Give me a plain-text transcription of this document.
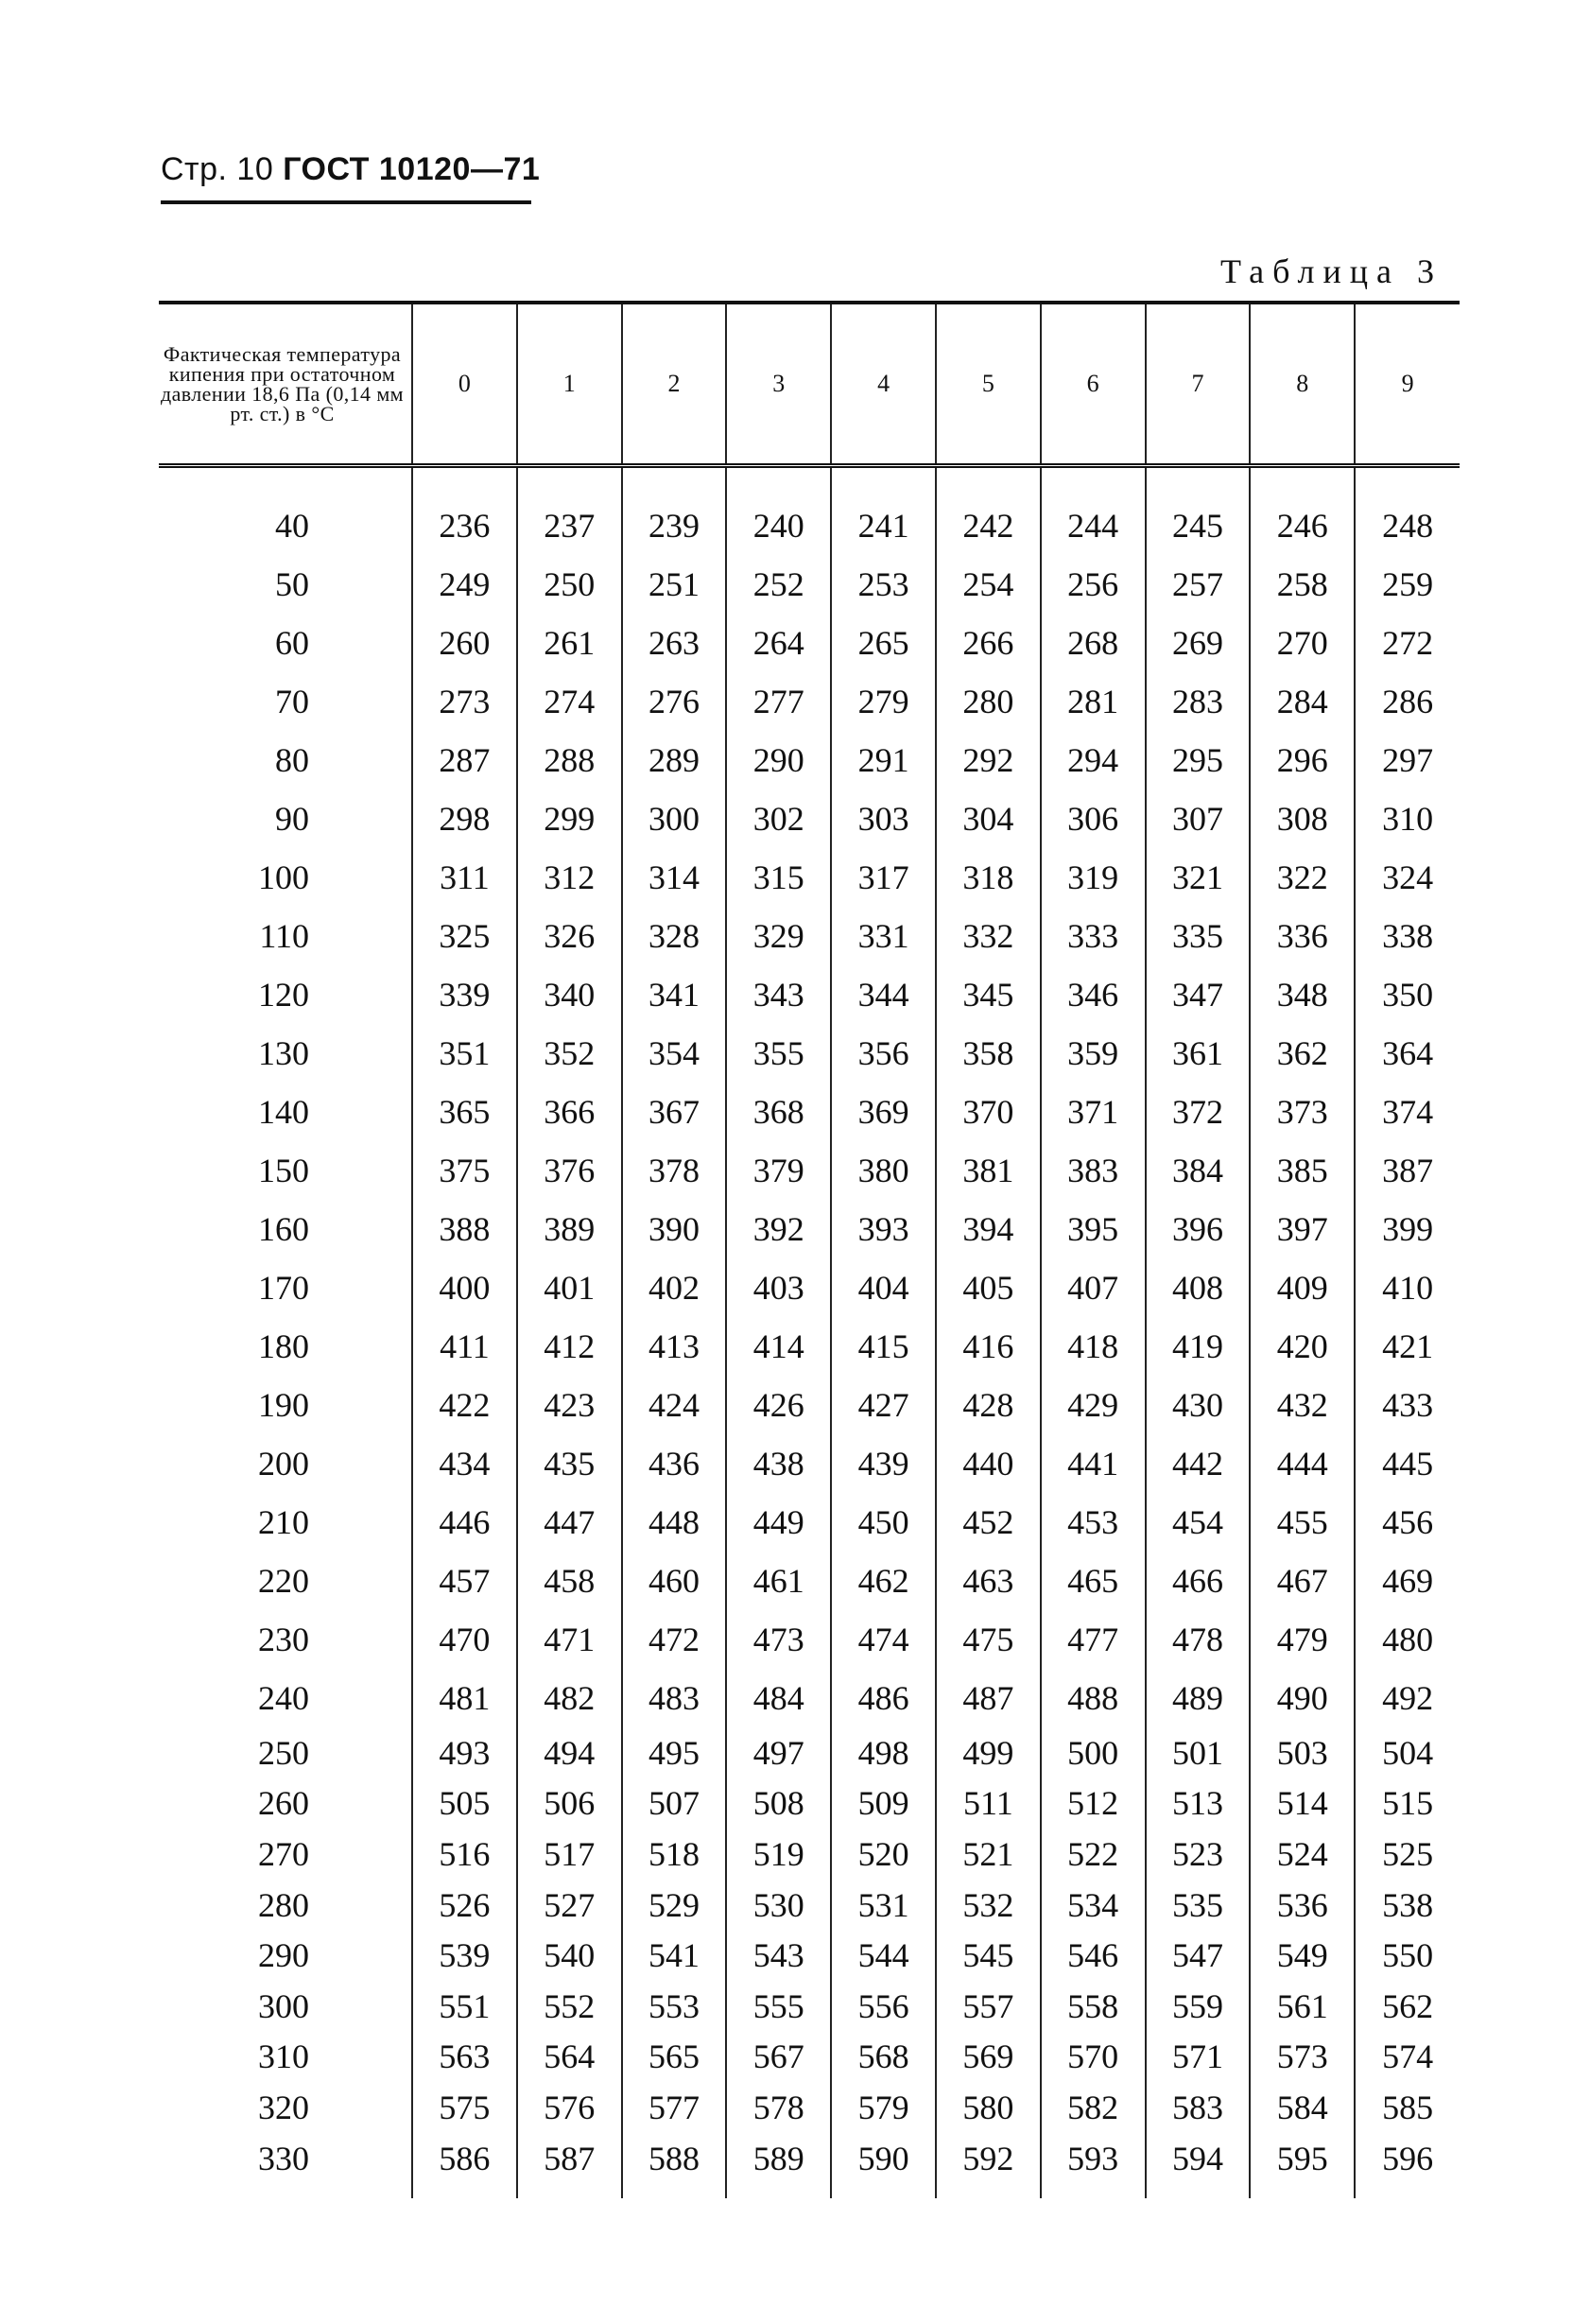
Стр. 10 ГОСТ 10120—71
Таблица 3
Фактическая температура кипения при остаточном давлении 18,6 Па (0,14 мм рт. ст.) в °С	0	1	2	3	4	5	6	7	8	9
40	236	237	239	240	241	242	244	245	246	248
50	249	250	251	252	253	254	256	257	258	259
60	260	261	263	264	265	266	268	269	270	272
70	273	274	276	277	279	280	281	283	284	286
80	287	288	289	290	291	292	294	295	296	297
90	298	299	300	302	303	304	306	307	308	310
100	311	312	314	315	317	318	319	321	322	324
110	325	326	328	329	331	332	333	335	336	338
120	339	340	341	343	344	345	346	347	348	350
130	351	352	354	355	356	358	359	361	362	364
140	365	366	367	368	369	370	371	372	373	374
150	375	376	378	379	380	381	383	384	385	387
160	388	389	390	392	393	394	395	396	397	399
170	400	401	402	403	404	405	407	408	409	410
180	411	412	413	414	415	416	418	419	420	421
190	422	423	424	426	427	428	429	430	432	433
200	434	435	436	438	439	440	441	442	444	445
210	446	447	448	449	450	452	453	454	455	456
220	457	458	460	461	462	463	465	466	467	469
230	470	471	472	473	474	475	477	478	479	480
240	481	482	483	484	486	487	488	489	490	492
250	493	494	495	497	498	499	500	501	503	504
260	505	506	507	508	509	511	512	513	514	515
270	516	517	518	519	520	521	522	523	524	525
280	526	527	529	530	531	532	534	535	536	538
290	539	540	541	543	544	545	546	547	549	550
300	551	552	553	555	556	557	558	559	561	562
310	563	564	565	567	568	569	570	571	573	574
320	575	576	577	578	579	580	582	583	584	585
330	586	587	588	589	590	592	593	594	595	596
